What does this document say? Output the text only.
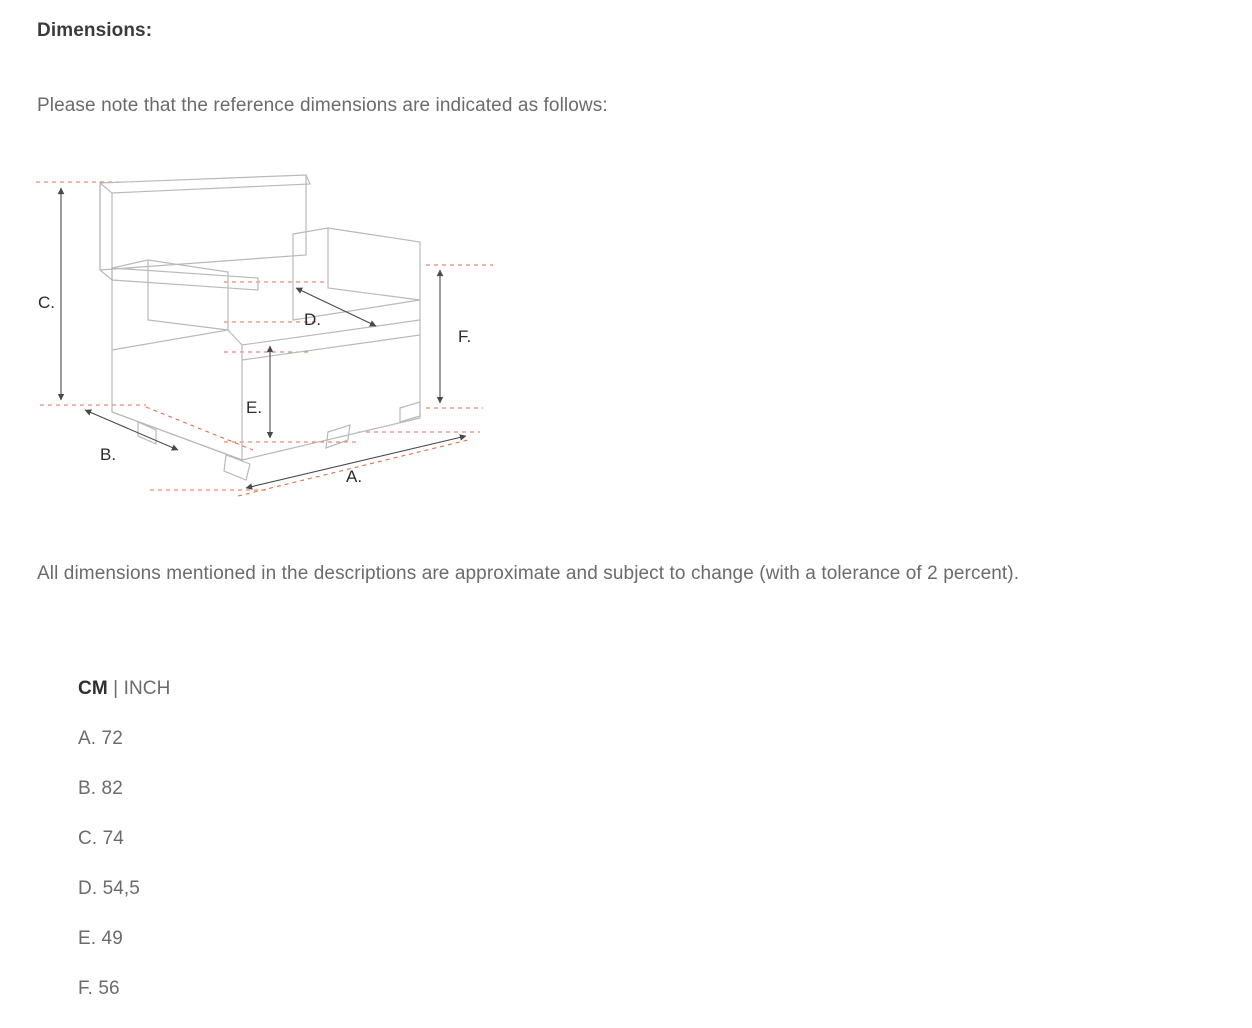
Dimensions:
Please note that the reference dimensions are indicated as follows:
C.
F.
E.
D.
B.
A.
All dimensions mentioned in the descriptions are approximate and subject to change (with a tolerance of 2 percent).
CM | INCH
A. 72
B. 82
C. 74
D. 54,5
E. 49
F. 56
